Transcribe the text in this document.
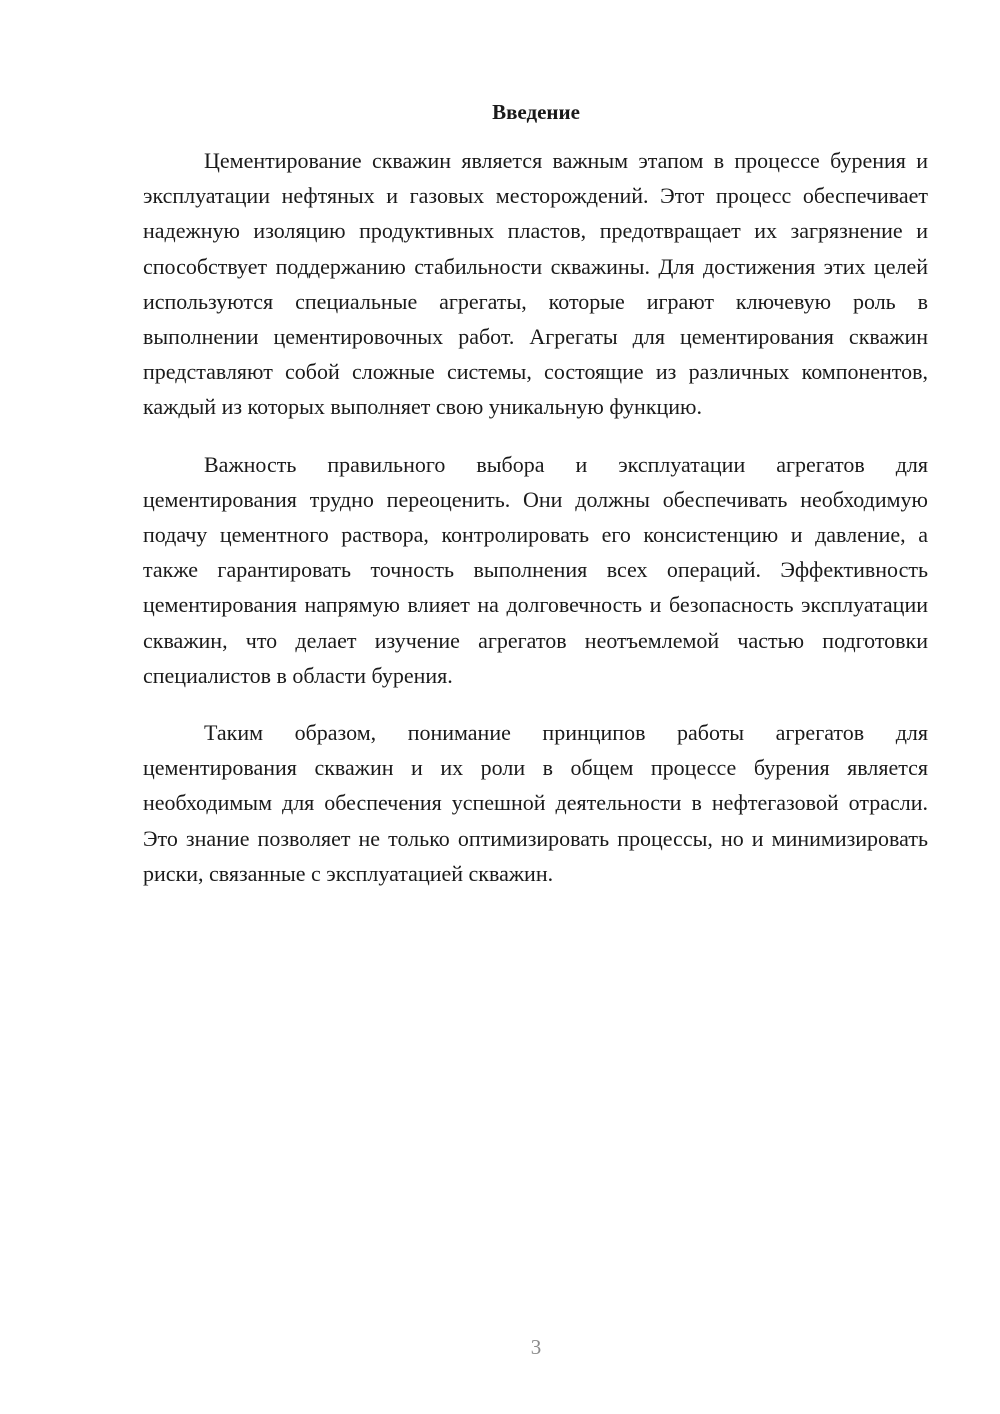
Введение

Цементирование скважин является важным этапом в процессе бурения и эксплуатации нефтяных и газовых месторождений. Этот процесс обеспечивает надежную изоляцию продуктивных пластов, предотвращает их загрязнение и способствует поддержанию стабильности скважины. Для достижения этих целей используются специальные агрегаты, которые играют ключевую роль в выполнении цементировочных работ. Агрегаты для цементирования скважин представляют собой сложные системы, состоящие из различных компонентов, каждый из которых выполняет свою уникальную функцию.

Важность правильного выбора и эксплуатации агрегатов для цементирования трудно переоценить. Они должны обеспечивать необходимую подачу цементного раствора, контролировать его консистенцию и давление, а также гарантировать точность выполнения всех операций. Эффективность цементирования напрямую влияет на долговечность и безопасность эксплуатации скважин, что делает изучение агрегатов неотъемлемой частью подготовки специалистов в области бурения.

Таким образом, понимание принципов работы агрегатов для цементирования скважин и их роли в общем процессе бурения является необходимым для обеспечения успешной деятельности в нефтегазовой отрасли. Это знание позволяет не только оптимизировать процессы, но и минимизировать риски, связанные с эксплуатацией скважин.

3
